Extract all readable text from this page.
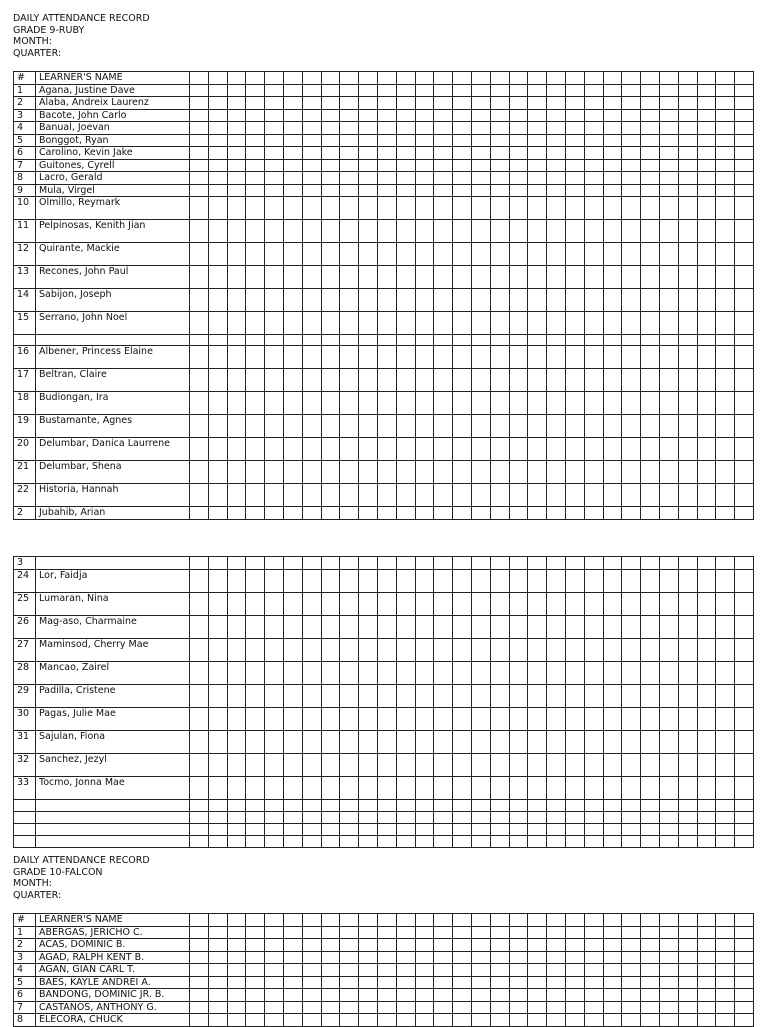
DAILY ATTENDANCE RECORD
GRADE 9-RUBY
MONTH:
QUARTER:
#	LEARNER'S NAME																														
1	Agana, Justine Dave																														
2	Alaba, Andreix Laurenz																														
3	Bacote, John Carlo																														
4	Banual, Joevan																														
5	Bonggot, Ryan																														
6	Carolino, Kevin Jake																														
7	Guitones, Cyrell																														
8	Lacro, Gerald																														
9	Mula, Virgel																														
10	Olmillo, Reymark																														
11	Pelpinosas, Kenith Jian																														
12	Quirante, Mackie																														
13	Recones, John Paul																														
14	Sabijon, Joseph																														
15	Serrano, John Noel																														

16	Albener, Princess Elaine																														
17	Beltran, Claire																														
18	Budiongan, Ira																														
19	Bustamante, Agnes																														
20	Delumbar, Danica Laurrene																														
21	Delumbar, Shena																														
22	Historia, Hannah																														
2	Jubahib, Arian																														
3																															
24	Lor, Faidja																														
25	Lumaran, Nina																														
26	Mag-aso, Charmaine																														
27	Maminsod, Cherry Mae																														
28	Mancao, Zairel																														
29	Padilla, Cristene																														
30	Pagas, Julie Mae																														
31	Sajulan, Fiona																														
32	Sanchez, Jezyl																														
33	Tocmo, Jonna Mae																														

DAILY ATTENDANCE RECORD
GRADE 10-FALCON
MONTH:
QUARTER:
#	LEARNER'S NAME																														
1	ABERGAS, JERICHO C.																														
2	ACAS, DOMINIC B.																														
3	AGAD, RALPH KENT B.																														
4	AGAN, GIAN CARL T.																														
5	BAES, KAYLE ANDREI A.																														
6	BANDONG, DOMINIC JR. B.																														
7	CASTANOS, ANTHONY G.																														
8	ELECORA, CHUCK																														
